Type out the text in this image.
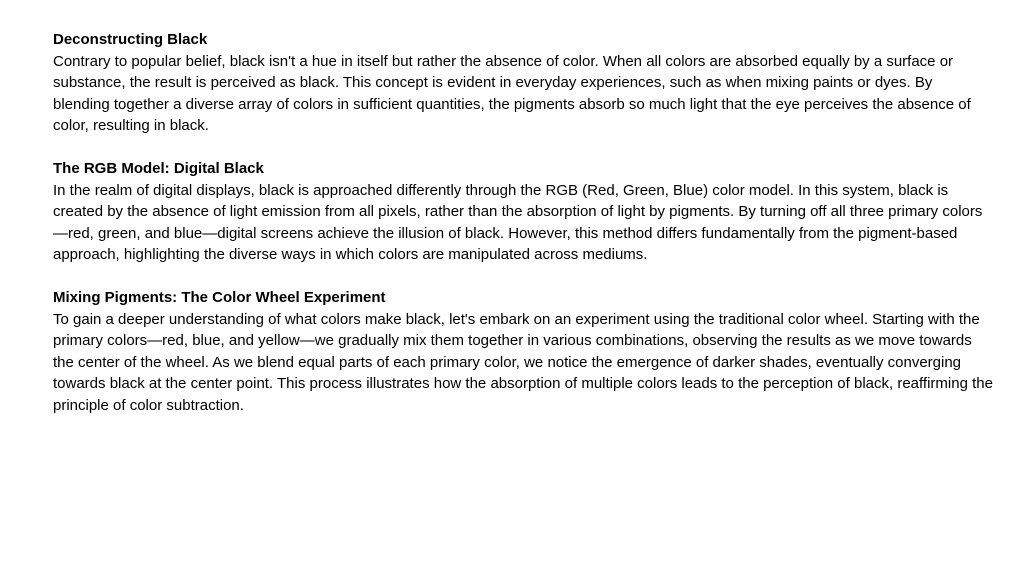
Deconstructing Black

Contrary to popular belief, black isn't a hue in itself but rather the absence of color. When all colors are absorbed equally by a surface or substance, the result is perceived as black. This concept is evident in everyday experiences, such as when mixing paints or dyes. By blending together a diverse array of colors in sufficient quantities, the pigments absorb so much light that the eye perceives the absence of color, resulting in black.

The RGB Model: Digital Black

In the realm of digital displays, black is approached differently through the RGB (Red, Green, Blue) color model. In this system, black is created by the absence of light emission from all pixels, rather than the absorption of light by pigments. By turning off all three primary colors—red, green, and blue—digital screens achieve the illusion of black. However, this method differs fundamentally from the pigment-based approach, highlighting the diverse ways in which colors are manipulated across mediums.

Mixing Pigments: The Color Wheel Experiment

To gain a deeper understanding of what colors make black, let's embark on an experiment using the traditional color wheel. Starting with the primary colors—red, blue, and yellow—we gradually mix them together in various combinations, observing the results as we move towards the center of the wheel. As we blend equal parts of each primary color, we notice the emergence of darker shades, eventually converging towards black at the center point. This process illustrates how the absorption of multiple colors leads to the perception of black, reaffirming the principle of color subtraction.
